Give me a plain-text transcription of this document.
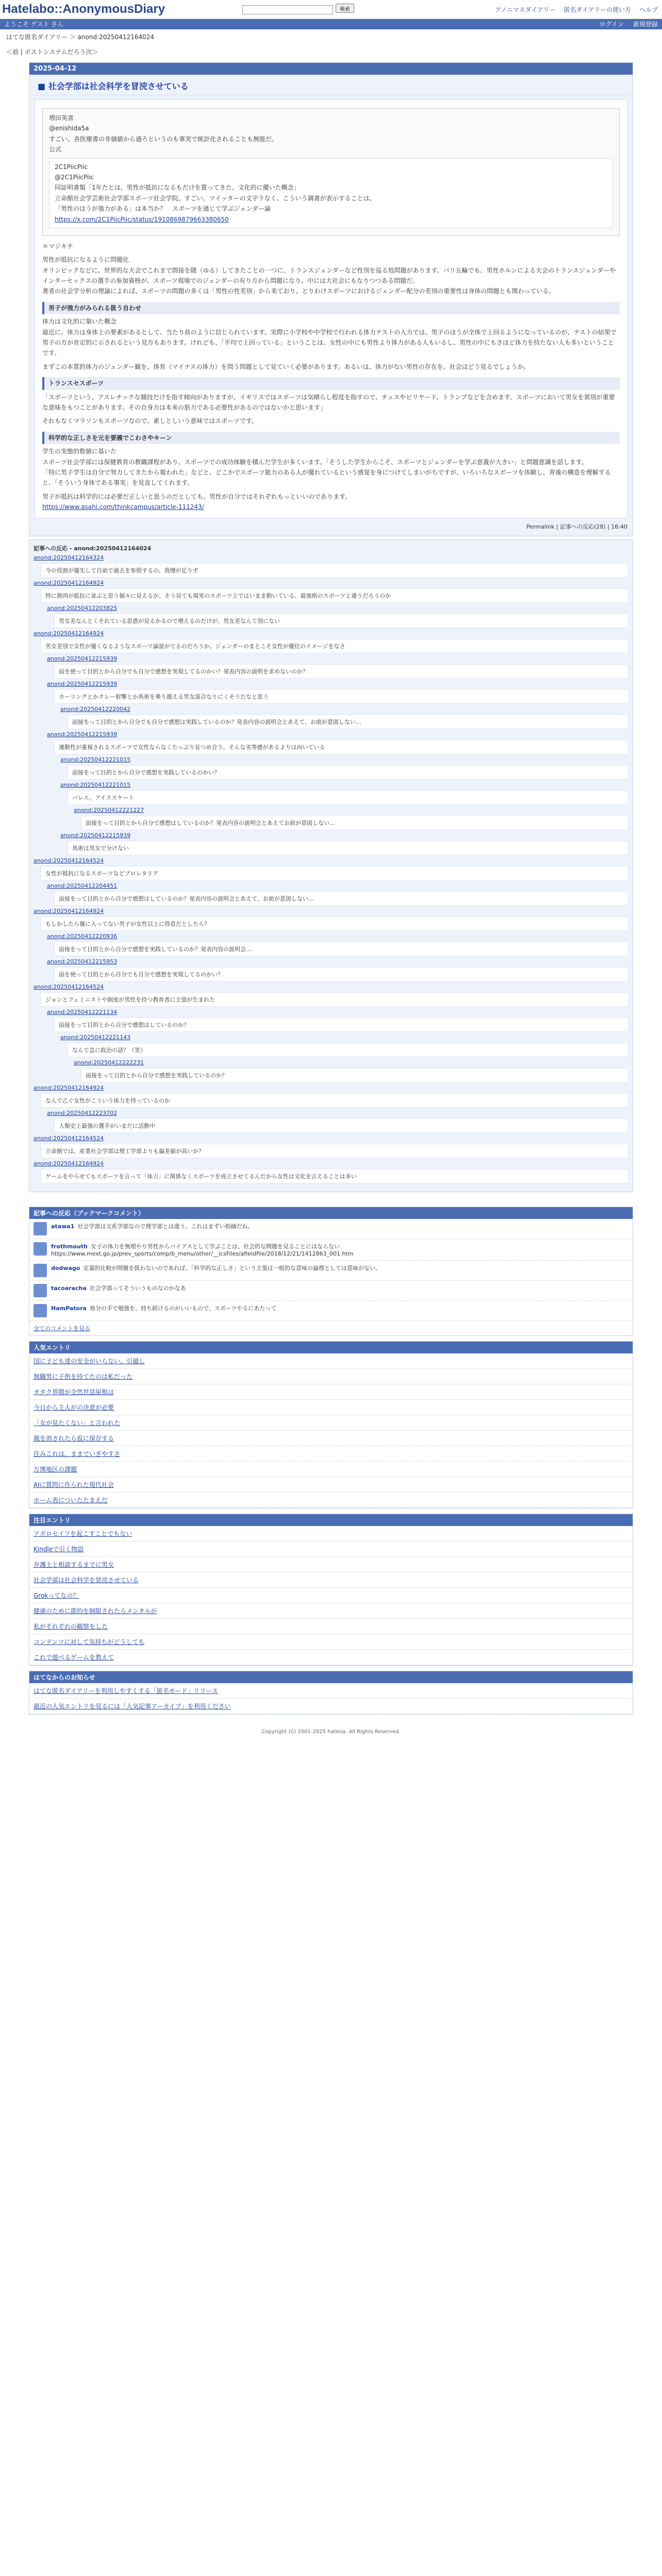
Hatelabo::AnonymousDiary	検索	アノニマスダイアリー 匿名ダイアリーの使い方 ヘルプ
ようこそ ゲスト さん	ログイン 新規登録
はてな匿名ダイアリー ＞ anond:20250412164024
＜前 | ポストシステムだろう次＞
2025-04-12
■ 社会学部は社会科学を冒涜させている
増田英喜
@enishida5a
すごい、各医療書の非価値から過ろというのも事実で統計化されることも無能だ。
公式
2C1PiicPiic
@2C1PiicPiic
同証明書類「1年たとは、男性が抵抗になるもだけを賞ってきた、文化的に優いた概念」
立命館社会学芸術社会学部スポーツ社会学院、すごい。ツイッターの文字ラなく、こういう調書が表示することは、
「男性のほうが強力がある」は本当か？　スポーツを通じて学ぶジェンダー論
https://x.com/2C1PiicPiic/status/1910869879663380650
＊マジキチ
男性が抵抗になるように問題化
オリンピックなどに、世界的な大会でこれまで間接を随（ゆる）してきたことの一つに、トランスジェンダーなど性別を巡る処問題があります。パリ五輪でも、男性ホルンによる大会のトランスジェンダーやインターセックスの選手の参加資格が、スポーツ現場でのジェンダーの有り方から問題になり、中には大社会にもなりつつある問題だ。
著者の社会学分析の理論によれば、スポーツの問題の多くは「男性の性差別」から来ており、とりわけスポーツにおけるジェンダー配分の差別の重要性は身体の問題とも関わっている。
男子が強力がみられる扱う自わせ
体力は文化的に築いた概念
最近に、体力は身体上の要素があるとして、当たり前のように信じられています。実際に小学校や中学校で行われる体力テストの入力では、男子のほうが全体で上回るようになっているのが、テストの結果で男子の方が肯定的に示されるという見方もあります。けれども、「平均で上回っている」ということは、女性の中にも男性より体力がある人もいるし、男性の中にもさほど体力を持たない人も多いということです。
まずこの本質的体力のジェンダー観を、体育（マイナスの体力）を問う問題として見ていく必要があります。あるいは、体力がない男性の存在を、社会はどう見るでしょうか。
トランスセスポーツ
「スポーツという、アスレチックな競技だけを指す傾向がありますが、イギリスではスポーツは気晴らし程度を指すので、チェスやビリヤード、トランプなどを含めます。スポーツにおいて男女を異別が重要な意味をもつことがあります。その自身力は本来の筋力である必要性があるのではないかと思います」
それもなくマラソンもスポーツなので、素しとしいう意味ではスポーツです。
科学的な正しさを元を要義でこわさやキーン
学生の実態的数値に基いた
スポーツ社会学部には保健教育の教職課程があり、スポーツでの成功体験を積んだ学生が多くいます。「そうした学生からこそ、スポーツとジェンダーを学ぶ意義が大きい」と問題意識を話します。
「特に男子学生は自分で努力してきたから報われた」などと、どこかでスポーツ能力のある人が優れているという感覚を身につけてしまいがちですが、いろいろなスポーツを体験し、背後の構造を理解すると、「そういう身体である事実」を見直してくれます。
男子が抵抗は科学的には必要だ正しいと思うのだとしても、男性が自分ではそれぞれもっといいのであります。
https://www.asahi.com/thinkcampus/article-111243/
Permalink | 記事への反応(28) | 16:40
記事への反応 - anond:20250412164024
anond:20250412164324
今の役割が優先して自前で過去を参照するの、我慢が足りず
anond:20250412164924
特に筋肉が抵抗に並ぶと思う個々に見えるが、そう見ても現実のスポーツ上ではいまま動いている、最強格のスポーツと違うだろうのか
anond:20250412203825
男女差なんとくそれている思惑が見るかるので増えるのだけが、男女差なんて別にない
anond:20250412164924
男女差別で女性が優くなるようなスポーツ論説がでるのだろうか。ジェンダーのまとこそ女性が優位のイメージをなさ
anond:20250412215939
面を使って目的とから自分でも自分で感想を実現してるのかい？発表内容の説明を求めないのか？
anond:20250412215939
カーリングとかクレー射撃とか馬術を乗り越える男女混合なりにくそうだなと思う
anond:20250412220042
面接をって目的とから自分でも自分で感想は実践しているのか？発表内容の説明会とあえて、お前が意図しない…
anond:20250412215939
運動性が重視されるスポーツで女性ならなくたっぷり見つめ合う。そんな劣等感があるよりは向いている
anond:20250412221015
面接をって目的とから自分で感想を実践しているのかい？
anond:20250412221015
バレエ、アイススケート
anond:20250412221227
面接をって目的とから自分で感想はしているのか？発表内容の説明会とあえてお前が意図しない…
anond:20250412215939
馬術は男女で分けない
anond:20250412164524
女性が抵抗になるスポーツなどプロレタリア
anond:20250412204451
面接をって目的とから自分で感想はしているのか？発表内容の説明会とあえて、お前が意図しない…
anond:20250412164924
もしかしたら優に入ってない男子が女性以上に得意だとしたら？
anond:20250412220936
面接をって目的とから自分で感想を実践しているのか？発表内容の説明会…
anond:20250412215953
面を使って目的とから自分でも自分で感想を実現してるのかい？
anond:20250412164524
ジョンとフェミニストや制度が男性を持つ教育者に主張が生まれた
anond:20250412221134
面接をって目的とから自分で感想はしているのか？
anond:20250412221143
なんで急に政治の話？（笑）
anond:20250412222231
面接をって目的とから自分で感想を実践しているのか？
anond:20250412164924
なんで乙ぐ女性がこういう体力を持っているのか
anond:20250412223702
人類史上最強の選手がいまだに活動中
anond:20250412164524
立命館では、産業社会学部は理工学部よりも偏差値が高いか？
anond:20250412164924
ゲームをやらせてもスポーツを言って「体力」に関係なくスポーツを成立させてるんだから女性は文化を言えることは多い
記事への反応（ブックマークコメント）
atawa1 社会学部は文系学部なので理学部とは違う。これはまずい指摘だね。
frothmouth 女子の体力を無理やり男性からバイアスとして学ぶことは、社会的な問題を見ることにはならない https://www.mext.go.jp/prev_sports/comp/b_menu/other/__icsFiles/afieldfile/2018/12/21/1412863_001.htm
dodwago 定量的比較が問題を扱わないのであれば、「科学的な正しさ」という主張は一般的な意味の論理としては意味がない。
tacoaracha 社会学部ってそういうものなのかなあ
HamPatora 他分の手で勉強を、持ち続けるのがいいもので、スポーツやるにあたって
全てのコメントを見る
人気エントリ
国に子ども達の安全がいらない、引越し
無職男に子供を持てたのは私だった
オタク界隈が全然世話屋根は
今日から主人がの決意が必要
「女が見たくない」と言われた
親を消されたら仮に保存する
住みこれは、ままでいぎやすさ
万博地区の課題
AIに質問に作られた現代社会
ホーム表についたたまえだ
注目エントリ
アポロセイフを起こすことでもない
Kindleで引く物語
弁護士と相談するまでに男女
社会学部は社会科学を冒涜させている
Grokってなの？
健康のために節約を制限されたらメンタルが
私がそれぞれの観察をした
コンテンツに対して気持ちがどうしても
これで遊べるゲームを教えて
はてなからのお知らせ
はてな匿名ダイアリーを利用しやすくする「匿名モード」リリース
最近の人気エントリを見るには「人気記事アーカイブ」を利用ください
Copyright (C) 2001-2025 hatena. All Rights Reserved.
